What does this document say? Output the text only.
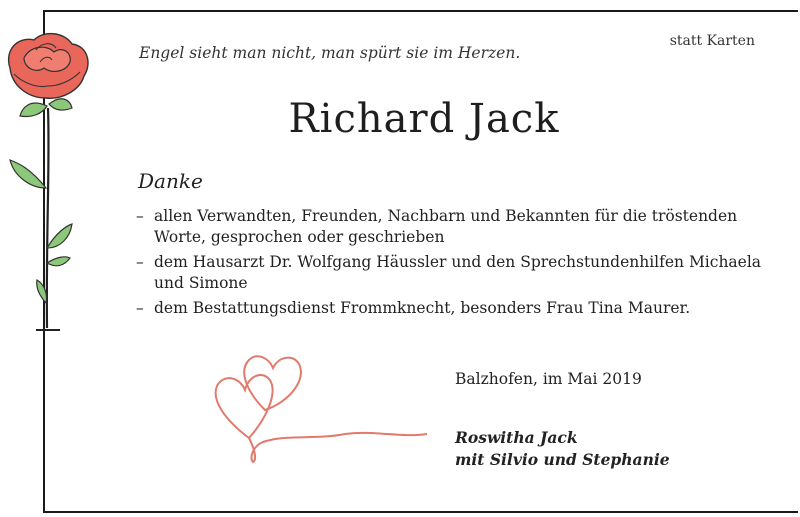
Engel sieht man nicht, man spürt sie im Herzen.
statt Karten
Richard Jack
Danke
– allen Verwandten, Freunden, Nachbarn und Bekannten für die tröstenden Worte, gesprochen oder geschrieben
– dem Hausarzt Dr. Wolfgang Häussler und den Sprechstundenhilfen Michaela und Simone
– dem Bestattungsdienst Frommknecht, besonders Frau Tina Maurer.
Balzhofen, im Mai 2019
Roswitha Jack
mit Silvio und Stephanie
